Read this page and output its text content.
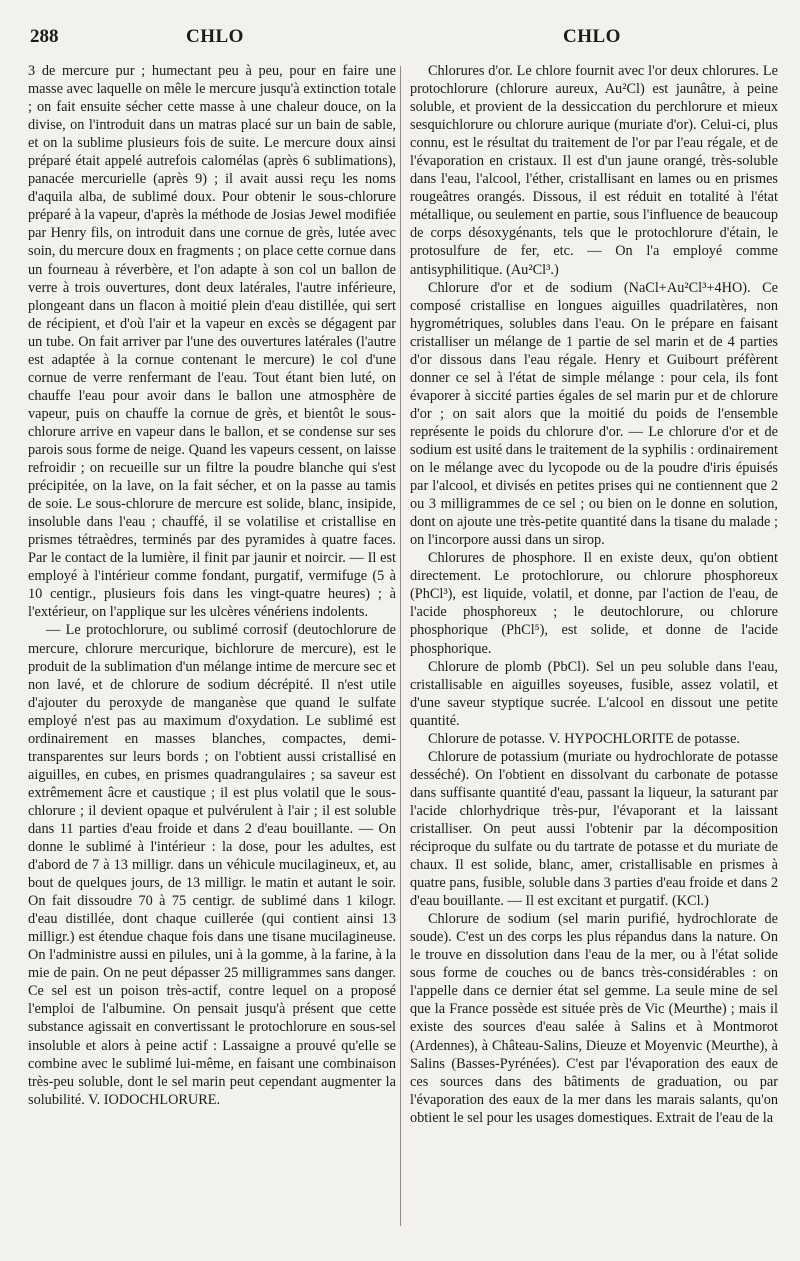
288	CHLO	CHLO

3 de mercure pur ; humectant peu à peu, pour en faire une masse avec laquelle on mêle le mercure jusqu'à extinction totale ; on fait ensuite sécher cette masse à une chaleur douce, on la divise, on l'introduit dans un matras placé sur un bain de sable, et on la sublime plusieurs fois de suite. Le mercure doux ainsi préparé était appelé autrefois calomélas (après 6 sublimations), panacée mercurielle (après 9) ; il avait aussi reçu les noms d'aquila alba, de sublimé doux. Pour obtenir le sous-chlorure préparé à la vapeur, d'après la méthode de Josias Jewel modifiée par Henry fils, on introduit dans une cornue de grès, lutée avec soin, du mercure doux en fragments ; on place cette cornue dans un fourneau à réverbère, et l'on adapte à son col un ballon de verre à trois ouvertures, dont deux latérales, l'autre inférieure, plongeant dans un flacon à moitié plein d'eau distillée, qui sert de récipient, et d'où l'air et la vapeur en excès se dégagent par un tube. On fait arriver par l'une des ouvertures latérales (l'autre est adaptée à la cornue contenant le mercure) le col d'une cornue de verre renfermant de l'eau. Tout étant bien luté, on chauffe l'eau pour avoir dans le ballon une atmosphère de vapeur, puis on chauffe la cornue de grès, et bientôt le sous-chlorure arrive en vapeur dans le ballon, et se condense sur ses parois sous forme de neige. Quand les vapeurs cessent, on laisse refroidir ; on recueille sur un filtre la poudre blanche qui s'est précipitée, on la lave, on la fait sécher, et on la passe au tamis de soie. Le sous-chlorure de mercure est solide, blanc, insipide, insoluble dans l'eau ; chauffé, il se volatilise et cristallise en prismes tétraèdres, terminés par des pyramides à quatre faces. Par le contact de la lumière, il finit par jaunir et noircir. — Il est employé à l'intérieur comme fondant, purgatif, vermifuge (5 à 10 centigr., plusieurs fois dans les vingt-quatre heures) ; à l'extérieur, on l'applique sur les ulcères vénériens indolents.

— Le protochlorure, ou sublimé corrosif (deutochlorure de mercure, chlorure mercurique, bichlorure de mercure), est le produit de la sublimation d'un mélange intime de mercure sec et non lavé, et de chlorure de sodium décrépité. Il n'est utile d'ajouter du peroxyde de manganèse que quand le sulfate employé n'est pas au maximum d'oxydation. Le sublimé est ordinairement en masses blanches, compactes, demi-transparentes sur leurs bords ; on l'obtient aussi cristallisé en aiguilles, en cubes, en prismes quadrangulaires ; sa saveur est extrêmement âcre et caustique ; il est plus volatil que le sous-chlorure ; il devient opaque et pulvérulent à l'air ; il est soluble dans 11 parties d'eau froide et dans 2 d'eau bouillante. — On donne le sublimé à l'intérieur : la dose, pour les adultes, est d'abord de 7 à 13 milligr. dans un véhicule mucilagineux, et, au bout de quelques jours, de 13 milligr. le matin et autant le soir. On fait dissoudre 70 à 75 centigr. de sublimé dans 1 kilogr. d'eau distillée, dont chaque cuillerée (qui contient ainsi 13 milligr.) est étendue chaque fois dans une tisane mucilagineuse. On l'administre aussi en pilules, uni à la gomme, à la farine, à la mie de pain. On ne peut dépasser 25 milligrammes sans danger. Ce sel est un poison très-actif, contre lequel on a proposé l'emploi de l'albumine. On pensait jusqu'à présent que cette substance agissait en convertissant le protochlorure en sous-sel insoluble et alors à peine actif : Lassaigne a prouvé qu'elle se combine avec le sublimé lui-même, en faisant une combinaison très-peu soluble, dont le sel marin peut cependant augmenter la solubilité. V. IODOCHLORURE.

Chlorures d'or. Le chlore fournit avec l'or deux chlorures. Le protochlorure (chlorure aureux, Au²Cl) est jaunâtre, à peine soluble, et provient de la dessiccation du perchlorure et mieux sesquichlorure ou chlorure aurique (muriate d'or). Celui-ci, plus connu, est le résultat du traitement de l'or par l'eau régale, et de l'évaporation en cristaux. Il est d'un jaune orangé, très-soluble dans l'eau, l'alcool, l'éther, cristallisant en lames ou en prismes rougeâtres orangés. Dissous, il est réduit en totalité à l'état métallique, ou seulement en partie, sous l'influence de beaucoup de corps désoxygénants, tels que le protochlorure d'étain, le protosulfure de fer, etc. — On l'a employé comme antisyphilitique. (Au²Cl³.)

Chlorure d'or et de sodium (NaCl+Au²Cl³+4HO). Ce composé cristallise en longues aiguilles quadrilatères, non hygrométriques, solubles dans l'eau. On le prépare en faisant cristalliser un mélange de 1 partie de sel marin et de 4 parties d'or dissous dans l'eau régale. Henry et Guibourt préfèrent donner ce sel à l'état de simple mélange : pour cela, ils font évaporer à siccité parties égales de sel marin pur et de chlorure d'or ; on sait alors que la moitié du poids de l'ensemble représente le poids du chlorure d'or. — Le chlorure d'or et de sodium est usité dans le traitement de la syphilis : ordinairement on le mélange avec du lycopode ou de la poudre d'iris épuisés par l'alcool, et divisés en petites prises qui ne contiennent que 2 ou 3 milligrammes de ce sel ; ou bien on le donne en solution, dont on ajoute une très-petite quantité dans la tisane du malade ; on l'incorpore aussi dans un sirop.

Chlorures de phosphore. Il en existe deux, qu'on obtient directement. Le protochlorure, ou chlorure phosphoreux (PhCl³), est liquide, volatil, et donne, par l'action de l'eau, de l'acide phosphoreux ; le deutochlorure, ou chlorure phosphorique (PhCl⁵), est solide, et donne de l'acide phosphorique.

Chlorure de plomb (PbCl). Sel un peu soluble dans l'eau, cristallisable en aiguilles soyeuses, fusible, assez volatil, et d'une saveur styptique sucrée. L'alcool en dissout une petite quantité.

Chlorure de potasse. V. HYPOCHLORITE de potasse.

Chlorure de potassium (muriate ou hydrochlorate de potasse desséché). On l'obtient en dissolvant du carbonate de potasse dans suffisante quantité d'eau, passant la liqueur, la saturant par l'acide chlorhydrique très-pur, l'évaporant et la laissant cristalliser. On peut aussi l'obtenir par la décomposition réciproque du sulfate ou du tartrate de potasse et du muriate de chaux. Il est solide, blanc, amer, cristallisable en prismes à quatre pans, fusible, soluble dans 3 parties d'eau froide et dans 2 d'eau bouillante. — Il est excitant et purgatif. (KCl.)

Chlorure de sodium (sel marin purifié, hydrochlorate de soude). C'est un des corps les plus répandus dans la nature. On le trouve en dissolution dans l'eau de la mer, ou à l'état solide sous forme de couches ou de bancs très-considérables : on l'appelle dans ce dernier état sel gemme. La seule mine de sel que la France possède est située près de Vic (Meurthe) ; mais il existe des sources d'eau salée à Salins et à Montmorot (Ardennes), à Château-Salins, Dieuze et Moyenvic (Meurthe), à Salins (Basses-Pyrénées). C'est par l'évaporation des eaux de ces sources dans des bâtiments de graduation, ou par l'évaporation des eaux de la mer dans les marais salants, qu'on obtient le sel pour les usages domestiques. Extrait de l'eau de la
